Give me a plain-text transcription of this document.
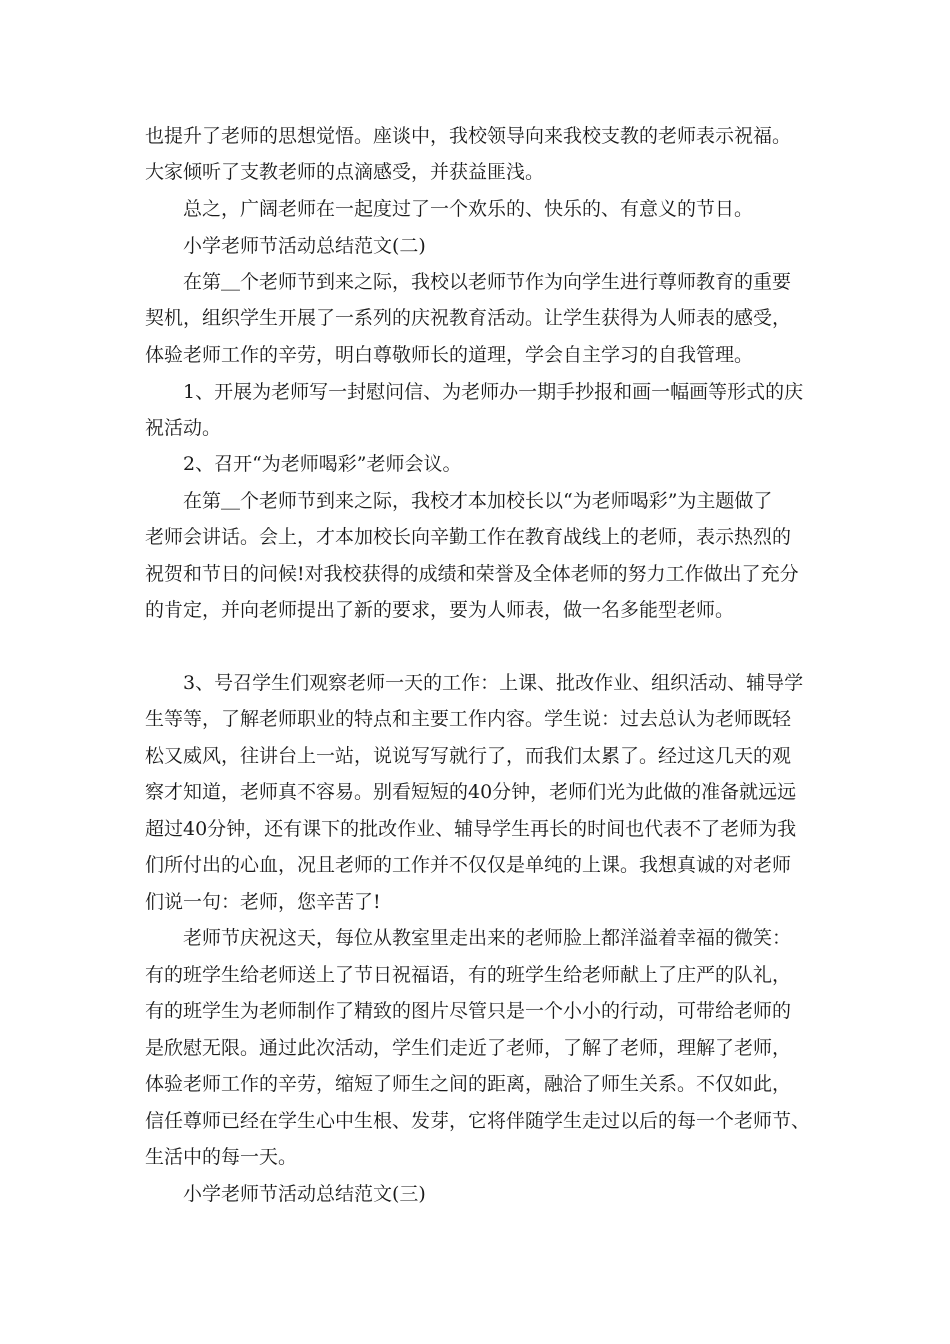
也提升了老师的思想觉悟。座谈中，我校领导向来我校支教的老师表示祝福。
大家倾听了支教老师的点滴感受，并获益匪浅。
总之，广阔老师在一起度过了一个欢乐的、快乐的、有意义的节日。
小学老师节活动总结范文(二)
在第＿个老师节到来之际，我校以老师节作为向学生进行尊师教育的重要
契机，组织学生开展了一系列的庆祝教育活动。让学生获得为人师表的感受，
体验老师工作的辛劳，明白尊敬师长的道理，学会自主学习的自我管理。
1、开展为老师写一封慰问信、为老师办一期手抄报和画一幅画等形式的庆
祝活动。
2、召开“为老师喝彩”老师会议。
在第＿个老师节到来之际，我校才本加校长以“为老师喝彩”为主题做了
老师会讲话。会上，才本加校长向辛勤工作在教育战线上的老师，表示热烈的
祝贺和节日的问候!对我校获得的成绩和荣誉及全体老师的努力工作做出了充分
的肯定，并向老师提出了新的要求，要为人师表，做一名多能型老师。
3、号召学生们观察老师一天的工作：上课、批改作业、组织活动、辅导学
生等等，了解老师职业的特点和主要工作内容。学生说：过去总认为老师既轻
松又威风，往讲台上一站，说说写写就行了，而我们太累了。经过这几天的观
察才知道，老师真不容易。别看短短的40分钟，老师们光为此做的准备就远远
超过40分钟，还有课下的批改作业、辅导学生再长的时间也代表不了老师为我
们所付出的心血，况且老师的工作并不仅仅是单纯的上课。我想真诚的对老师
们说一句：老师，您辛苦了!
老师节庆祝这天，每位从教室里走出来的老师脸上都洋溢着幸福的微笑：
有的班学生给老师送上了节日祝福语，有的班学生给老师献上了庄严的队礼，
有的班学生为老师制作了精致的图片尽管只是一个小小的行动，可带给老师的
是欣慰无限。通过此次活动，学生们走近了老师，了解了老师，理解了老师，
体验老师工作的辛劳，缩短了师生之间的距离，融洽了师生关系。不仅如此，
信任尊师已经在学生心中生根、发芽，它将伴随学生走过以后的每一个老师节、
生活中的每一天。
小学老师节活动总结范文(三)
